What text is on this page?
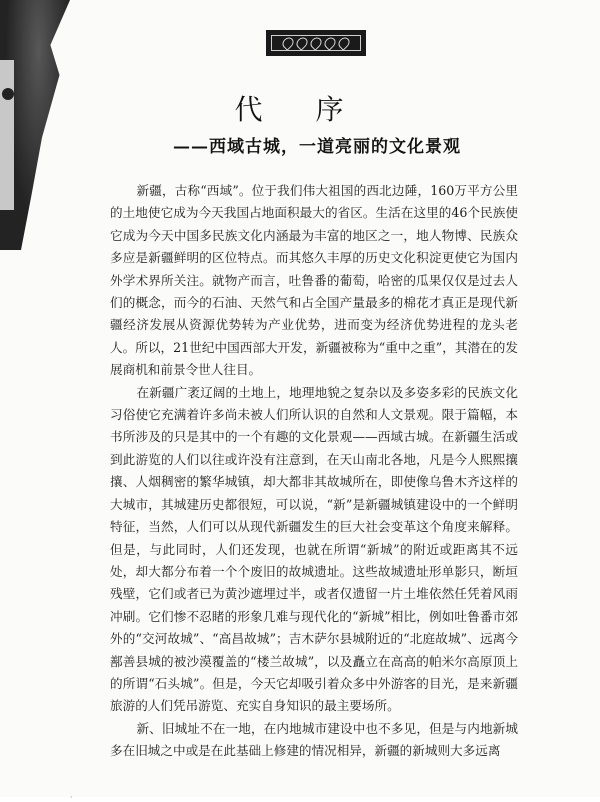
代 序
——西域古城，一道亮丽的文化景观

新疆，古称“西域”。位于我们伟大祖国的西北边陲，160万平方公里的土地使它成为今天我国占地面积最大的省区。生活在这里的46个民族使它成为今天中国多民族文化内涵最为丰富的地区之一，地人物博、民族众多应是新疆鲜明的区位特点。而其悠久丰厚的历史文化积淀更使它为国内外学术界所关注。就物产而言，吐鲁番的葡萄，哈密的瓜果仅仅是过去人们的概念，而今的石油、天然气和占全国产量最多的棉花才真正是现代新疆经济发展从资源优势转为产业优势，进而变为经济优势进程的龙头老人。所以，21世纪中国西部大开发，新疆被称为“重中之重”，其潜在的发展商机和前景令世人往目。

在新疆广袤辽阔的土地上，地理地貌之复杂以及多姿多彩的民族文化习俗使它充满着许多尚未被人们所认识的自然和人文景观。限于篇幅，本书所涉及的只是其中的一个有趣的文化景观——西域古城。在新疆生活或到此游览的人们以往或许没有注意到，在天山南北各地，凡是今人熙熙攘攘、人烟稠密的繁华城镇，却大都非其故城所在，即使像乌鲁木齐这样的大城市，其城建历史都很短，可以说，“新”是新疆城镇建设中的一个鲜明特征，当然，人们可以从现代新疆发生的巨大社会变革这个角度来解释。但是，与此同时，人们还发现，也就在所谓“新城”的附近或距离其不远处，却大都分布着一个个废旧的故城遗址。这些故城遗址形单影只，断垣残壁，它们或者已为黄沙遮埋过半，或者仅遗留一片土堆依然任凭着风雨冲刷。它们惨不忍睹的形象几难与现代化的“新城”相比，例如吐鲁番市郊外的“交河故城”、“高昌故城”；吉木萨尔县城附近的“北庭故城”、远离今鄯善县城的被沙漠覆盖的“楼兰故城”，以及矗立在高高的帕米尔高原顶上的所谓“石头城”。但是，今天它却吸引着众多中外游客的目光，是来新疆旅游的人们凭吊游览、充实自身知识的最主要场所。

新、旧城址不在一地，在内地城市建设中也不多见，但是与内地新城多在旧城之中或是在此基础上修建的情况相异，新疆的新城则大多远离

·
